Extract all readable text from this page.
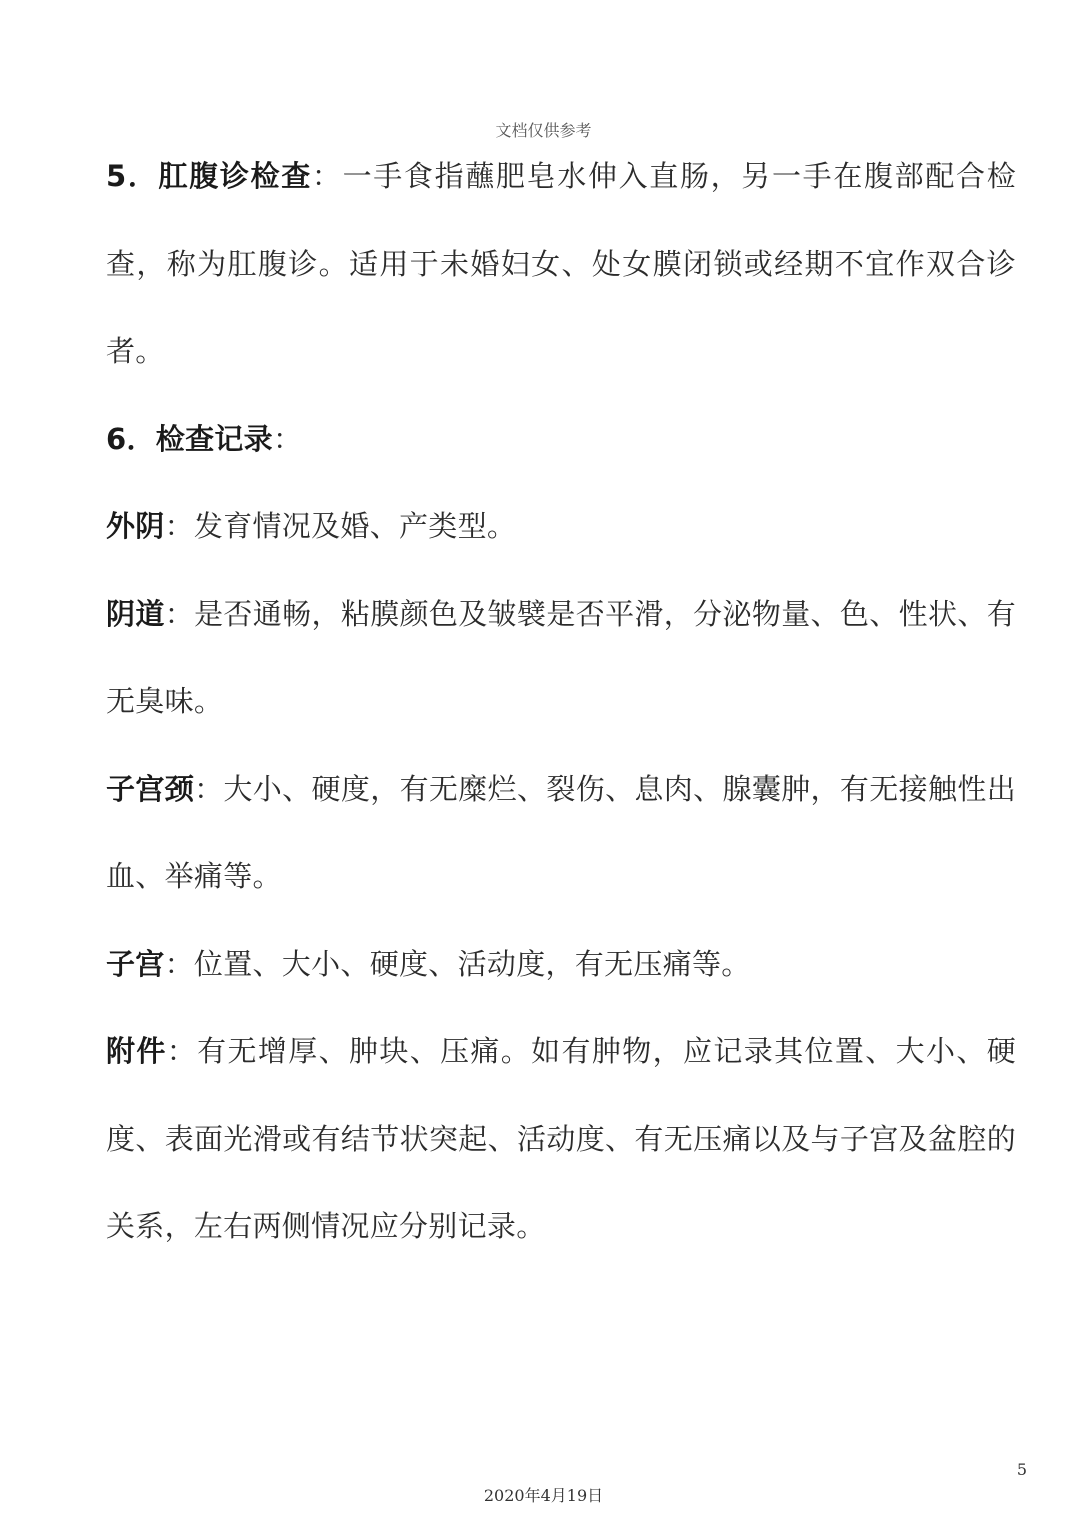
文档仅供参考

5．肛腹诊检查：一手食指蘸肥皂水伸入直肠，另一手在腹部配合检查，称为肛腹诊。适用于未婚妇女、处女膜闭锁或经期不宜作双合诊者。

6．检查记录：

外阴：发育情况及婚、产类型。

阴道：是否通畅，粘膜颜色及皱襞是否平滑，分泌物量、色、性状、有无臭味。

子宫颈：大小、硬度，有无糜烂、裂伤、息肉、腺囊肿，有无接触性出血、举痛等。

子宫：位置、大小、硬度、活动度，有无压痛等。

附件：有无增厚、肿块、压痛。如有肿物，应记录其位置、大小、硬度、表面光滑或有结节状突起、活动度、有无压痛以及与子宫及盆腔的关系，左右两侧情况应分别记录。

5
2020年4月19日
